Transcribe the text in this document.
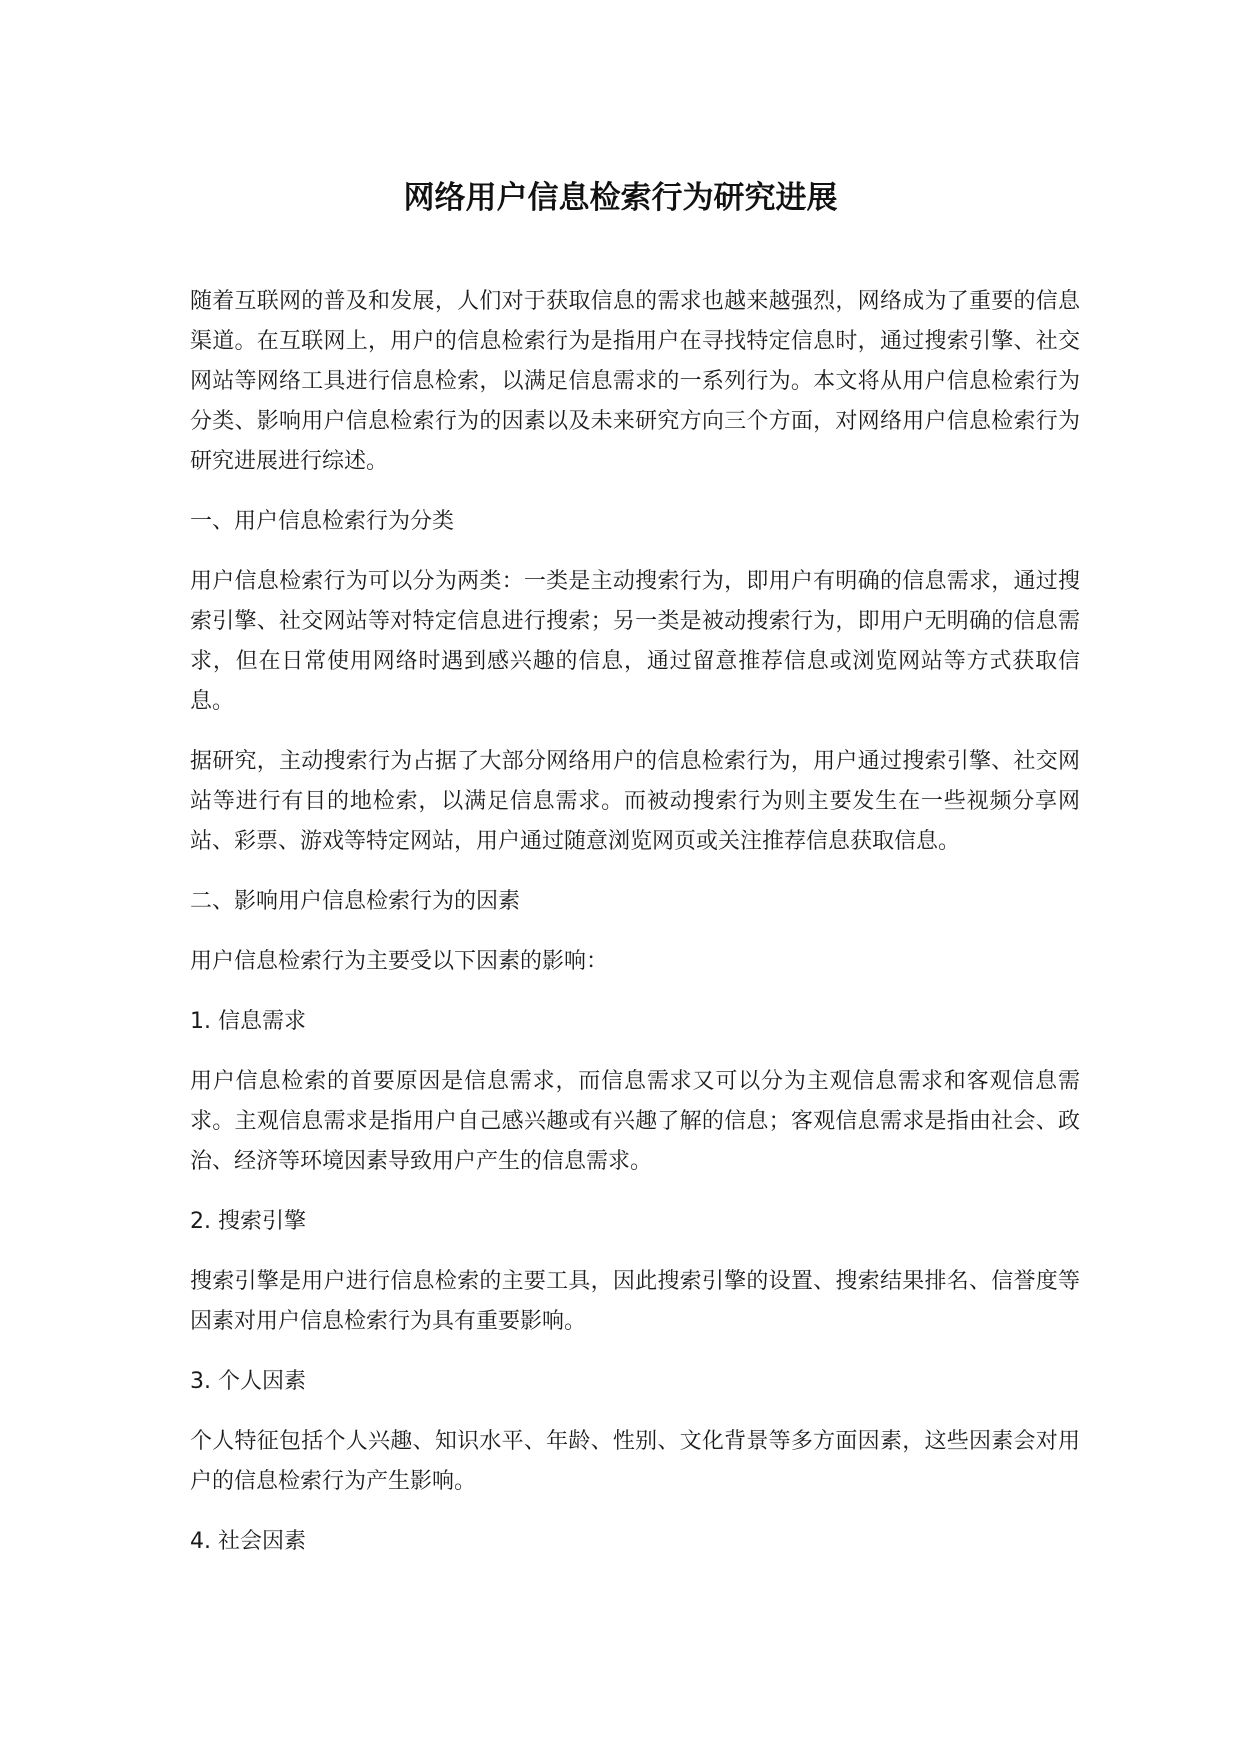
网络用户信息检索行为研究进展

随着互联网的普及和发展，人们对于获取信息的需求也越来越强烈，网络成为了重要的信息渠道。在互联网上，用户的信息检索行为是指用户在寻找特定信息时，通过搜索引擎、社交网站等网络工具进行信息检索，以满足信息需求的一系列行为。本文将从用户信息检索行为分类、影响用户信息检索行为的因素以及未来研究方向三个方面，对网络用户信息检索行为研究进展进行综述。

一、用户信息检索行为分类

用户信息检索行为可以分为两类：一类是主动搜索行为，即用户有明确的信息需求，通过搜索引擎、社交网站等对特定信息进行搜索；另一类是被动搜索行为，即用户无明确的信息需求，但在日常使用网络时遇到感兴趣的信息，通过留意推荐信息或浏览网站等方式获取信息。

据研究，主动搜索行为占据了大部分网络用户的信息检索行为，用户通过搜索引擎、社交网站等进行有目的地检索，以满足信息需求。而被动搜索行为则主要发生在一些视频分享网站、彩票、游戏等特定网站，用户通过随意浏览网页或关注推荐信息获取信息。

二、影响用户信息检索行为的因素

用户信息检索行为主要受以下因素的影响：

1. 信息需求

用户信息检索的首要原因是信息需求，而信息需求又可以分为主观信息需求和客观信息需求。主观信息需求是指用户自己感兴趣或有兴趣了解的信息；客观信息需求是指由社会、政治、经济等环境因素导致用户产生的信息需求。

2. 搜索引擎

搜索引擎是用户进行信息检索的主要工具，因此搜索引擎的设置、搜索结果排名、信誉度等因素对用户信息检索行为具有重要影响。

3. 个人因素

个人特征包括个人兴趣、知识水平、年龄、性别、文化背景等多方面因素，这些因素会对用户的信息检索行为产生影响。

4. 社会因素
